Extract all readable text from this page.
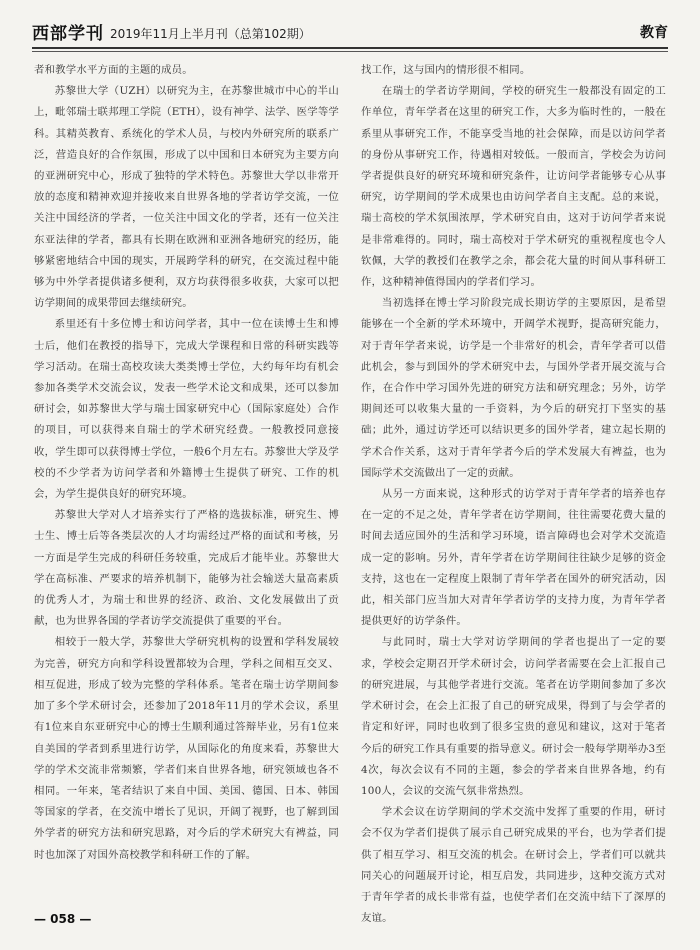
西部学刊 2019年11月上半月刊（总第102期）	教育

者和教学水平方面的主题的成员。

苏黎世大学（UZH）以研究为主，在苏黎世城市中心的半山上，毗邻瑞士联邦理工学院（ETH），设有神学、法学、医学等学科。其精英教育、系统化的学术人员，与校内外研究所的联系广泛，营造良好的合作氛围，形成了以中国和日本研究为主要方向的亚洲研究中心，形成了独特的学术特色。苏黎世大学以非常开放的态度和精神欢迎并接收来自世界各地的学者访学交流，一位关注中国经济的学者，一位关注中国文化的学者，还有一位关注东亚法律的学者，都具有长期在欧洲和亚洲各地研究的经历，能够紧密地结合中国的现实，开展跨学科的研究，在交流过程中能够为中外学者提供诸多便利，双方均获得很多收获，大家可以把访学期间的成果带回去继续研究。

系里还有十多位博士和访问学者，其中一位在读博士生和博士后，他们在教授的指导下，完成大学课程和日常的科研实践等学习活动。在瑞士高校攻读大类类博士学位，大约每年均有机会参加各类学术交流会议，发表一些学术论文和成果，还可以参加研讨会，如苏黎世大学与瑞士国家研究中心（国际家庭处）合作的项目，可以获得来自瑞士的学术研究经费。一般教授同意接收，学生即可以获得博士学位，一般6个月左右。苏黎世大学及学校的不少学者为访问学者和外籍博士生提供了研究、工作的机会，为学生提供良好的研究环境。

苏黎世大学对人才培养实行了严格的选拔标准，研究生、博士生、博士后等各类层次的人才均需经过严格的面试和考核，另一方面是学生完成的科研任务较重，完成后才能毕业。苏黎世大学在高标准、严要求的培养机制下，能够为社会输送大量高素质的优秀人才，为瑞士和世界的经济、政治、文化发展做出了贡献，也为世界各国的学者访学交流提供了重要的平台。

相较于一般大学，苏黎世大学研究机构的设置和学科发展较为完善，研究方向和学科设置都较为合理，学科之间相互交叉、相互促进，形成了较为完整的学科体系。笔者在瑞士访学期间参加了多个学术研讨会，还参加了2018年11月的学术会议，系里有1位来自东亚研究中心的博士生顺利通过答辩毕业，另有1位来自美国的学者到系里进行访学，从国际化的角度来看，苏黎世大学的学术交流非常频繁，学者们来自世界各地，研究领域也各不相同。一年来，笔者结识了来自中国、美国、德国、日本、韩国等国家的学者，在交流中增长了见识，开阔了视野，也了解到国外学者的研究方法和研究思路，对今后的学术研究大有裨益，同时也加深了对国外高校教学和科研工作的了解。

找工作，这与国内的情形很不相同。

在瑞士的学者访学期间，学校的研究生一般都没有固定的工作单位，青年学者在这里的研究工作，大多为临时性的，一般在系里从事研究工作，不能享受当地的社会保障，而是以访问学者的身份从事研究工作，待遇相对较低。一般而言，学校会为访问学者提供良好的研究环境和研究条件，让访问学者能够专心从事研究，访学期间的学术成果也由访问学者自主支配。总的来说，瑞士高校的学术氛围浓厚，学术研究自由，这对于访问学者来说是非常难得的。同时，瑞士高校对于学术研究的重视程度也令人钦佩，大学的教授们在教学之余，都会花大量的时间从事科研工作，这种精神值得国内的学者们学习。

当初选择在博士学习阶段完成长期访学的主要原因，是希望能够在一个全新的学术环境中，开阔学术视野，提高研究能力，对于青年学者来说，访学是一个非常好的机会，青年学者可以借此机会，参与到国外的学术研究中去，与国外学者开展交流与合作，在合作中学习国外先进的研究方法和研究理念；另外，访学期间还可以收集大量的一手资料，为今后的研究打下坚实的基础；此外，通过访学还可以结识更多的国外学者，建立起长期的学术合作关系，这对于青年学者今后的学术发展大有裨益，也为国际学术交流做出了一定的贡献。

从另一方面来说，这种形式的访学对于青年学者的培养也存在一定的不足之处，青年学者在访学期间，往往需要花费大量的时间去适应国外的生活和学习环境，语言障碍也会对学术交流造成一定的影响。另外，青年学者在访学期间往往缺少足够的资金支持，这也在一定程度上限制了青年学者在国外的研究活动，因此，相关部门应当加大对青年学者访学的支持力度，为青年学者提供更好的访学条件。

与此同时，瑞士大学对访学期间的学者也提出了一定的要求，学校会定期召开学术研讨会，访问学者需要在会上汇报自己的研究进展，与其他学者进行交流。笔者在访学期间参加了多次学术研讨会，在会上汇报了自己的研究成果，得到了与会学者的肯定和好评，同时也收到了很多宝贵的意见和建议，这对于笔者今后的研究工作具有重要的指导意义。研讨会一般每学期举办3至4次，每次会议有不同的主题，参会的学者来自世界各地，约有100人，会议的交流气氛非常热烈。

学术会议在访学期间的学术交流中发挥了重要的作用，研讨会不仅为学者们提供了展示自己研究成果的平台，也为学者们提供了相互学习、相互交流的机会。在研讨会上，学者们可以就共同关心的问题展开讨论，相互启发，共同进步，这种交流方式对于青年学者的成长非常有益，也使学者们在交流中结下了深厚的友谊。

— 058 —
